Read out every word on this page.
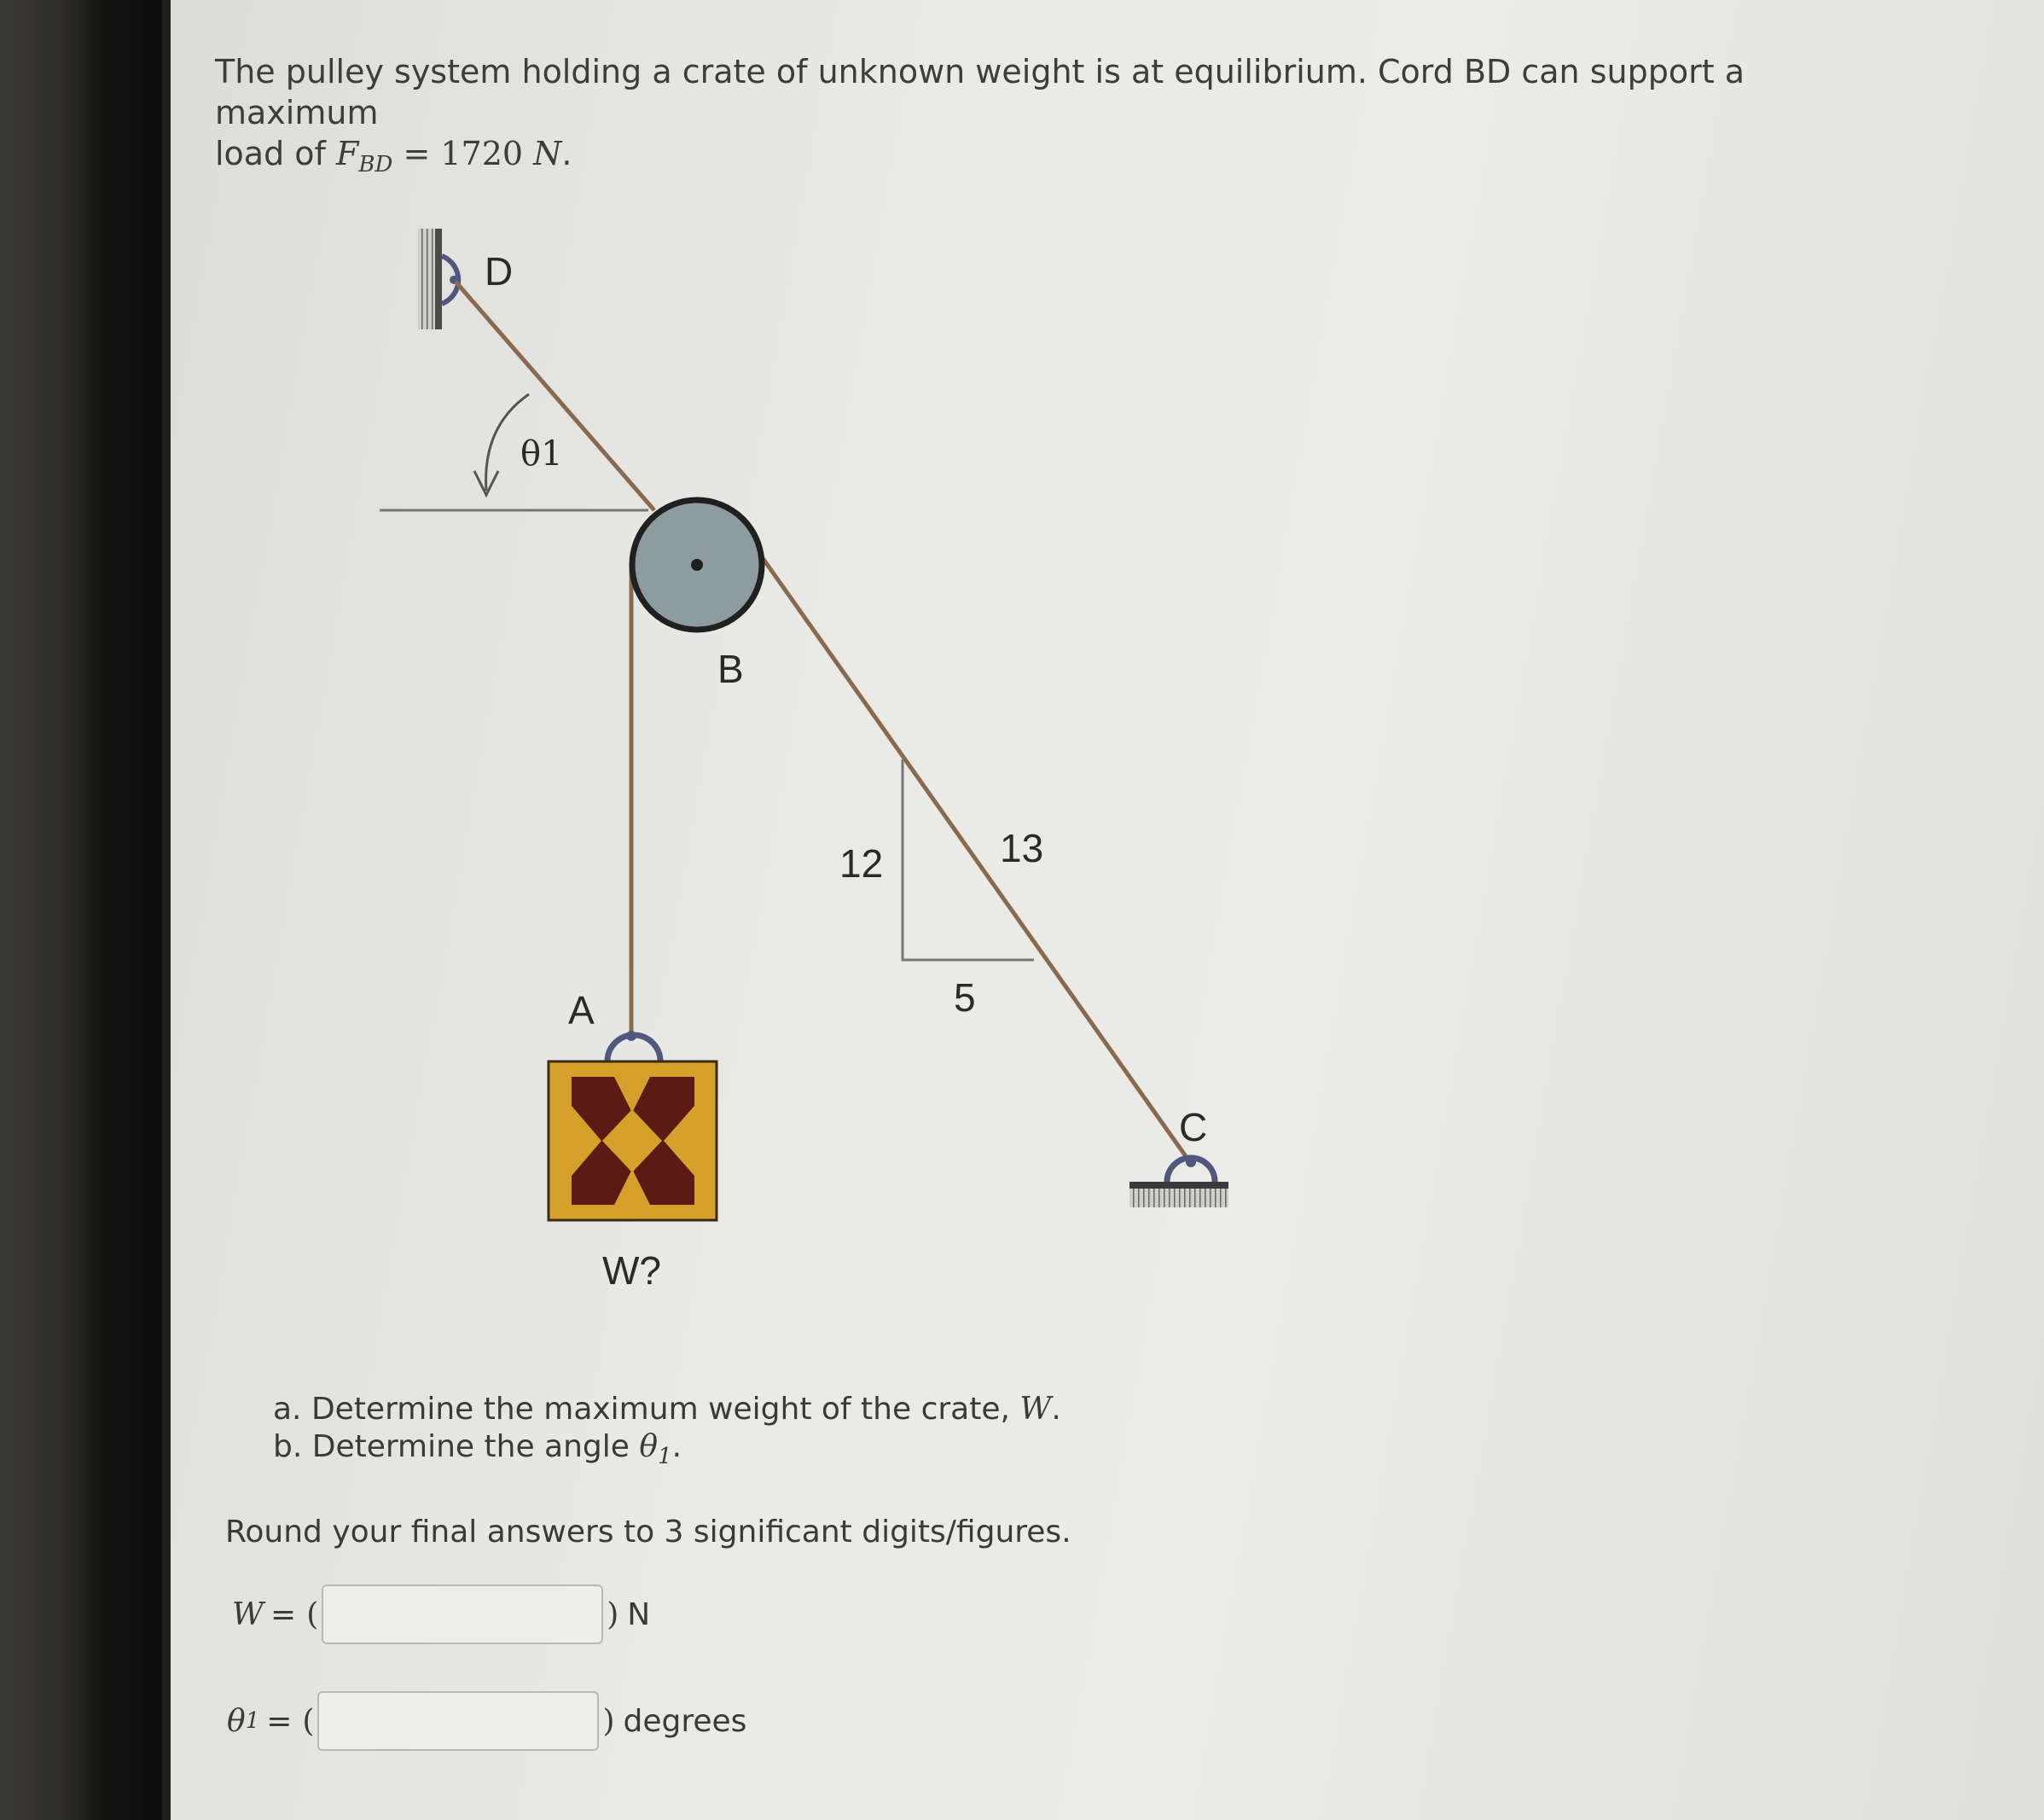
The pulley system holding a crate of unknown weight is at equilibrium. Cord BD can support a maximum
load of $F_{BD} = 1720$ N.
D
θ1
B
12	13
5
A
C
W?
a. Determine the maximum weight of the crate, W.
b. Determine the angle $\theta_1$.
Round your final answers to 3 significant digits/figures.
W = (	) N
θ 1 = (	) degrees
